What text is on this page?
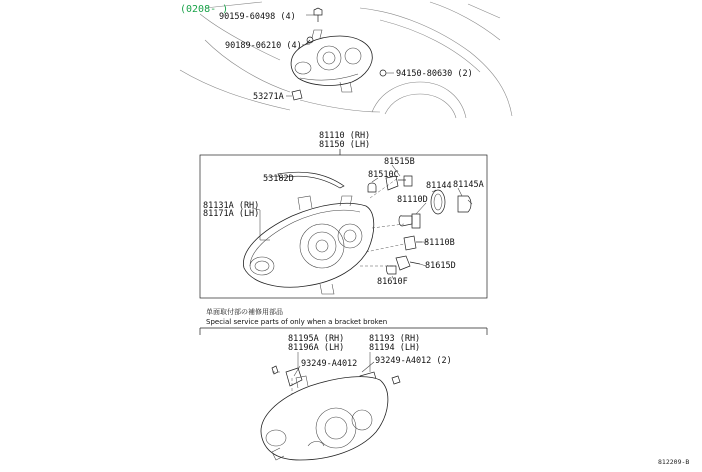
(0208- )
90159-60498 (4)
90189-06210 (4)
94150-80630 (2)
53271A
81110 (RH)
81150 (LH)
53182D
81515B
81510C
81144 81145A
81131A (RH)
81171A (LH)
81110D
81110B
81615D
81610F
单面取付部の補修用部品
Special service parts of only when a bracket broken
81195A (RH)
81196A (LH)
81193 (RH)
81194 (LH)
93249-A4012 93249-A4012 (2)
812209-B
